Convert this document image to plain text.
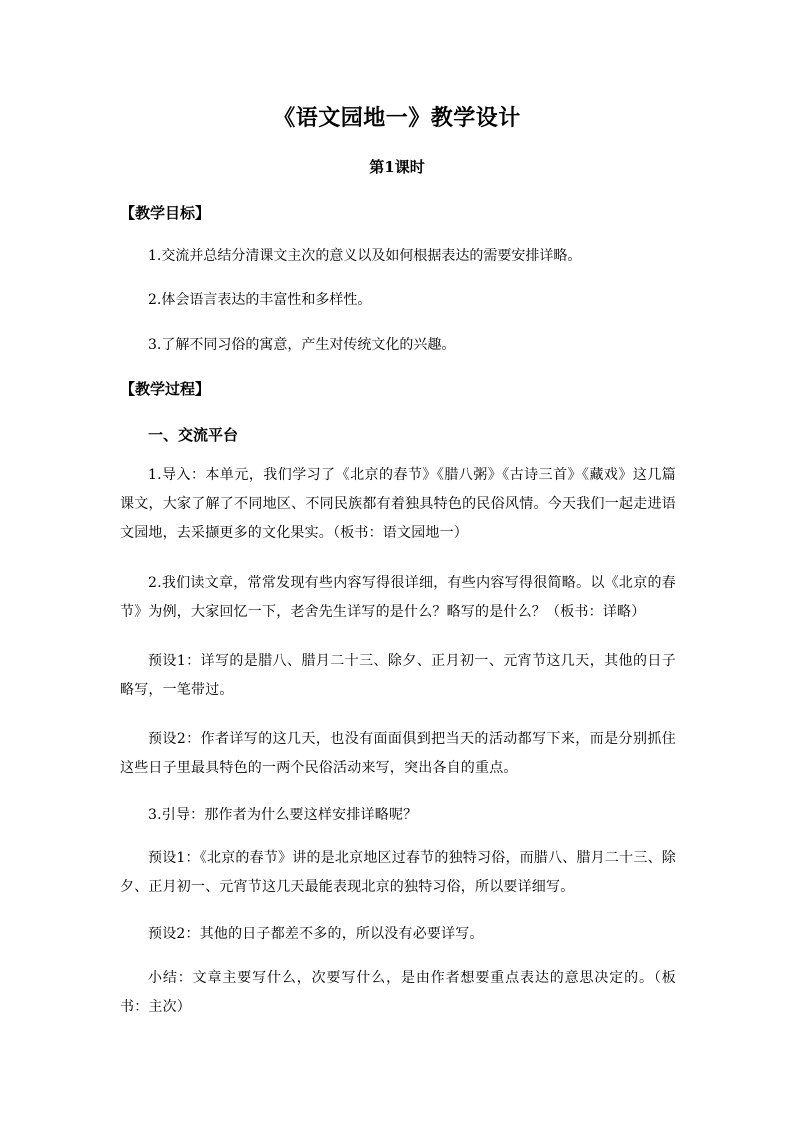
《语文园地一》教学设计
第1课时
【教学目标】
1.交流并总结分清课文主次的意义以及如何根据表达的需要安排详略。
2.体会语言表达的丰富性和多样性。
3.了解不同习俗的寓意，产生对传统文化的兴趣。
【教学过程】
一、交流平台
1.导入：本单元，我们学习了《北京的春节》《腊八粥》《古诗三首》《藏戏》这几篇课文，大家了解了不同地区、不同民族都有着独具特色的民俗风情。今天我们一起走进语文园地，去采撷更多的文化果实。（板书：语文园地一）
2.我们读文章，常常发现有些内容写得很详细，有些内容写得很简略。以《北京的春节》为例，大家回忆一下，老舍先生详写的是什么？略写的是什么？（板书：详略）
预设1：详写的是腊八、腊月二十三、除夕、正月初一、元宵节这几天，其他的日子略写，一笔带过。
预设2：作者详写的这几天，也没有面面俱到把当天的活动都写下来，而是分别抓住这些日子里最具特色的一两个民俗活动来写，突出各自的重点。
3.引导：那作者为什么要这样安排详略呢？
预设1：《北京的春节》讲的是北京地区过春节的独特习俗，而腊八、腊月二十三、除夕、正月初一、元宵节这几天最能表现北京的独特习俗，所以要详细写。
预设2：其他的日子都差不多的，所以没有必要详写。
小结：文章主要写什么，次要写什么，是由作者想要重点表达的意思决定的。（板书：主次）
